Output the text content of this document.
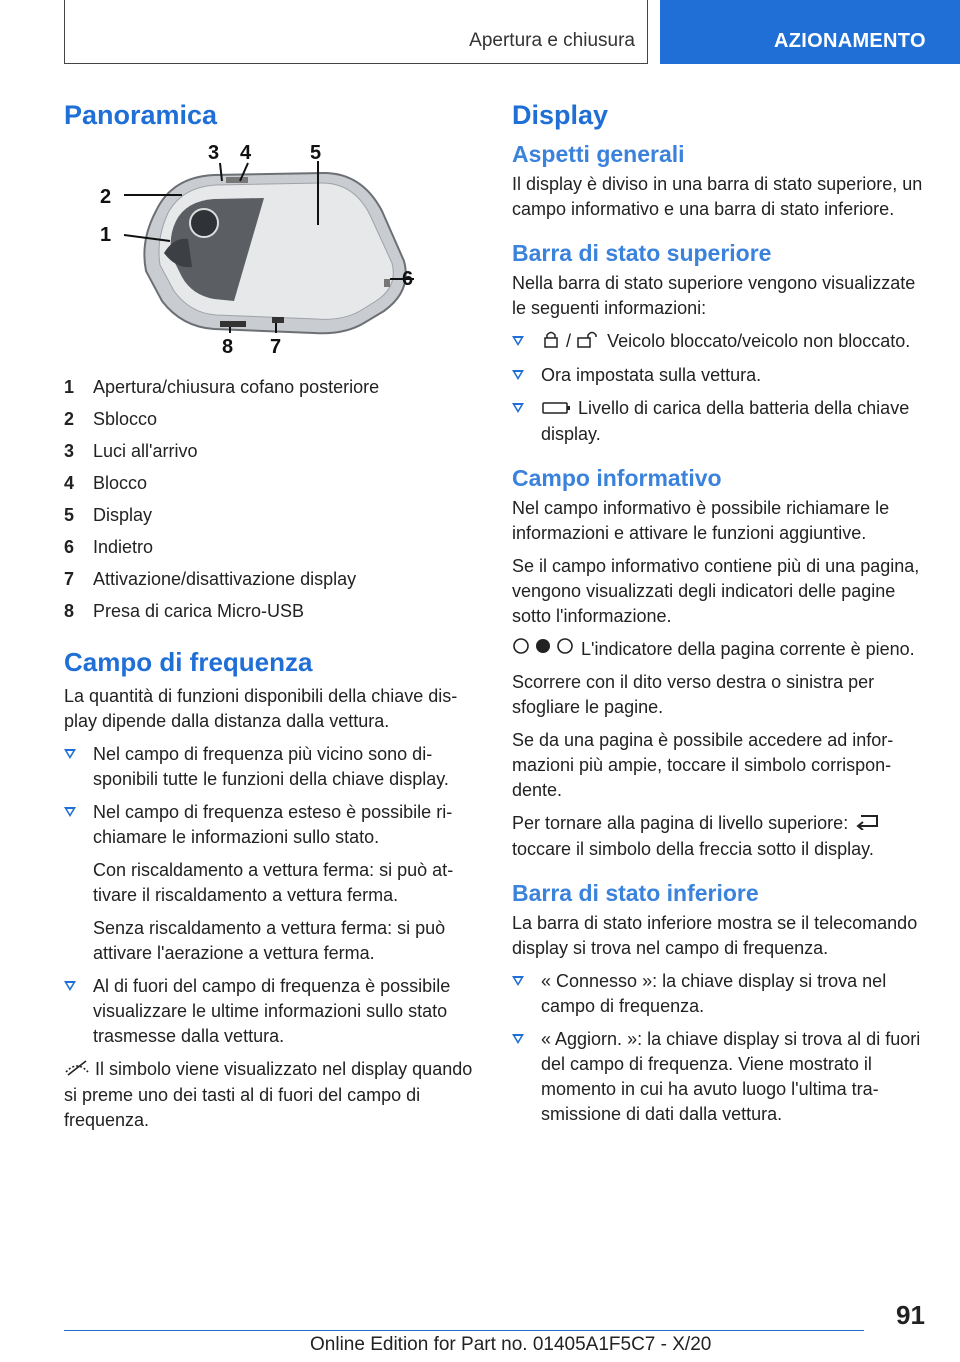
Apertura e chiusura	AZIONAMENTO
Panoramica
1
2
3 4	5
6
7
8
1	Apertura/chiusura cofano posteriore
2	Sblocco
3	Luci all'arrivo
4	Blocco
5	Display
6	Indietro
7	Attivazione/disattivazione display
8	Presa di carica Micro-USB
Campo di frequenza

La quantità di funzioni disponibili della chiave display dipende dalla distanza dalla vettura.

Nel campo di frequenza più vicino sono disponibili tutte le funzioni della chiave display.
Nel campo di frequenza esteso è possibile richiamare le informazioni sullo stato.

Con riscaldamento a vettura ferma: si può attivare il riscaldamento a vettura ferma.

Senza riscaldamento a vettura ferma: si può attivare l'aerazione a vettura ferma.

Al di fuori del campo di frequenza è possibile visualizzare le ultime informazioni sullo stato trasmesse dalla vettura.

Il simbolo viene visualizzato nel display quando si preme uno dei tasti al di fuori del campo di frequenza.

Display
Aspetti generali

Il display è diviso in una barra di stato superiore, un campo informativo e una barra di stato inferiore.

Barra di stato superiore

Nella barra di stato superiore vengono visualizzate le seguenti informazioni:

/ Veicolo bloccato/veicolo non bloccato.
Ora impostata sulla vettura.
Livello di carica della batteria della chiave display.
Campo informativo

Nel campo informativo è possibile richiamare le informazioni e attivare le funzioni aggiuntive.

Se il campo informativo contiene più di una pagina, vengono visualizzati degli indicatori delle pagine sotto l'informazione.

L'indicatore della pagina corrente è pieno.

Scorrere con il dito verso destra o sinistra per sfogliare le pagine.

Se da una pagina è possibile accedere ad informazioni più ampie, toccare il simbolo corrispondente.

Per tornare alla pagina di livello superiore:  toccare il simbolo della freccia sotto il display.

Barra di stato inferiore

La barra di stato inferiore mostra se il telecomando display si trova nel campo di frequenza.

« Connesso »: la chiave display si trova nel campo di frequenza.
« Aggiorn. »: la chiave display si trova al di fuori del campo di frequenza. Viene mostrato il momento in cui ha avuto luogo l'ultima trasmissione di dati dalla vettura.
91
Online Edition for Part no. 01405A1F5C7 - X/20
